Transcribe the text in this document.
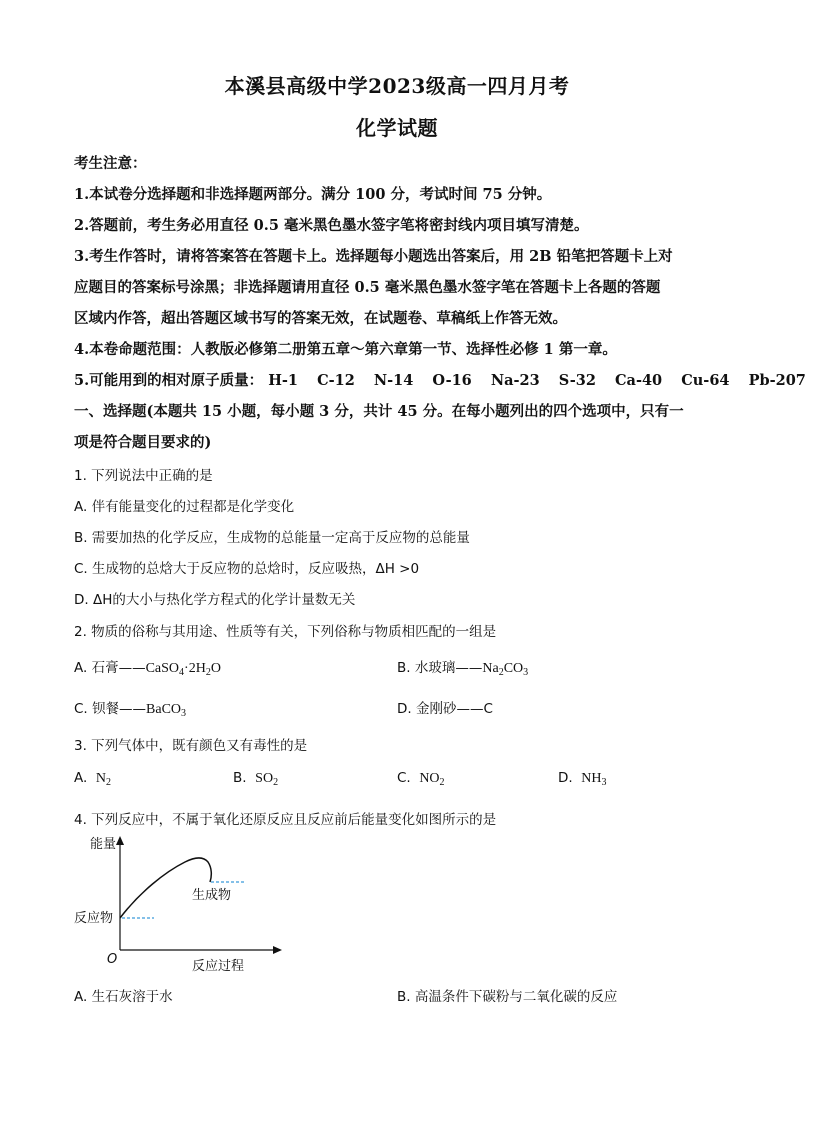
本溪县高级中学2023级高一四月月考
化学试题
考生注意：
1.本试卷分选择题和非选择题两部分。满分 100 分，考试时间 75 分钟。
2.答题前，考生务必用直径 0.5 毫米黑色墨水签字笔将密封线内项目填写清楚。
3.考生作答时，请将答案答在答题卡上。选择题每小题选出答案后，用 2B 铅笔把答题卡上对
应题目的答案标号涂黑；非选择题请用直径 0.5 毫米黑色墨水签字笔在答题卡上各题的答题
区域内作答，超出答题区域书写的答案无效，在试题卷、草稿纸上作答无效。
4.本卷命题范围：人教版必修第二册第五章～第六章第一节、选择性必修 1 第一章。
5.可能用到的相对原子质量： H-1 C-12 N-14 O-16 Na-23 S-32 Ca-40 Cu-64 Pb-207
一、选择题(本题共 15 小题，每小题 3 分，共计 45 分。在每小题列出的四个选项中，只有一
项是符合题目要求的)
1. 下列说法中正确的是
A. 伴有能量变化的过程都是化学变化
B. 需要加热的化学反应，生成物的总能量一定高于反应物的总能量
C. 生成物的总焓大于反应物的总焓时，反应吸热，ΔH >0
D. ΔH的大小与热化学方程式的化学计量数无关
2. 物质的俗称与其用途、性质等有关，下列俗称与物质相匹配的一组是
A. 石膏$——CaSO_4\cdot 2H_2O$	B. 水玻璃$——Na_2CO_3$
C. 钡餐——BaCO$_3$	D. 金刚砂——C
3. 下列气体中，既有颜色又有毒性的是
A. $N_2$	B. $SO_2$	C. $NO_2$	D. $NH_3$
4. 下列反应中，不属于氧化还原反应且反应前后能量变化如图所示的是
能量
反应物
生成物
O	反应过程
A. 生石灰溶于水	B. 高温条件下碳粉与二氧化碳的反应
